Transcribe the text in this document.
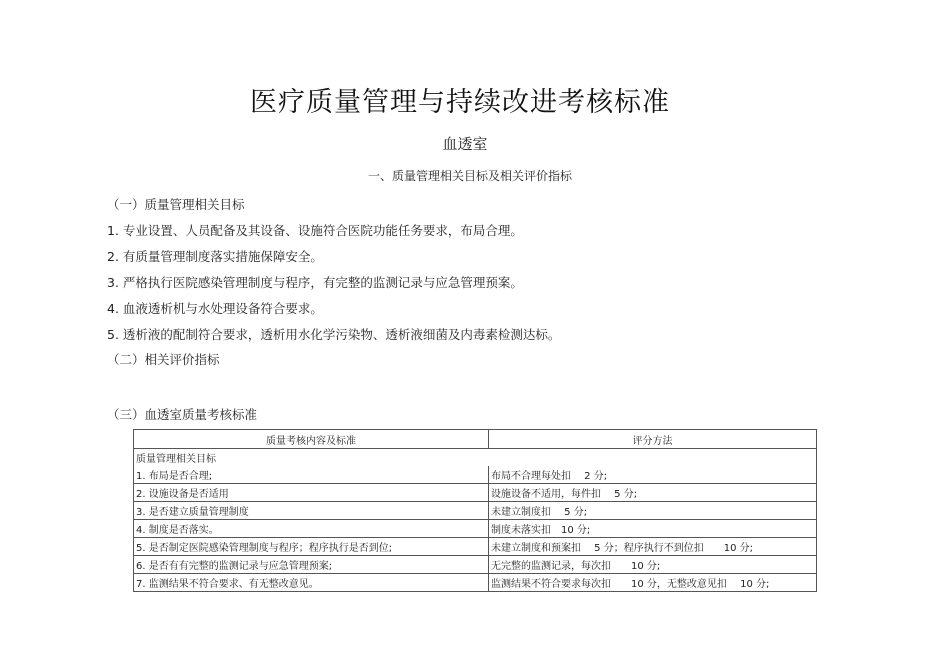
医疗质量管理与持续改进考核标准
血透室
一、质量管理相关目标及相关评价指标
（一）质量管理相关目标
1. 专业设置、人员配备及其设备、设施符合医院功能任务要求，布局合理。
2. 有质量管理制度落实措施保障安全。
3. 严格执行医院感染管理制度与程序，有完整的监测记录与应急管理预案。
4. 血液透析机与水处理设备符合要求。
5. 透析液的配制符合要求，透析用水化学污染物、透析液细菌及内毒素检测达标。
（二）相关评价指标
（三）血透室质量考核标准
质量考核内容及标准	评分方法
质量管理相关目标	
1. 布局是否合理;	布局不合理每处扣　 2 分;
2. 设施设备是否适用	设施设备不适用，每件扣　 5 分;
3. 是否建立质量管理制度	未建立制度扣　 5 分;
4. 制度是否落实。	制度未落实扣　10 分;
5. 是否制定医院感染管理制度与程序；程序执行是否到位;	未建立制度和预案扣　 5 分；程序执行不到位扣　　10 分;
6. 是否有有完整的监测记录与应急管理预案;	无完整的监测记录，每次扣　　10 分;
7. 监测结果不符合要求、有无整改意见。	监测结果不符合要求每次扣　　10 分，无整改意见扣　 10 分;
